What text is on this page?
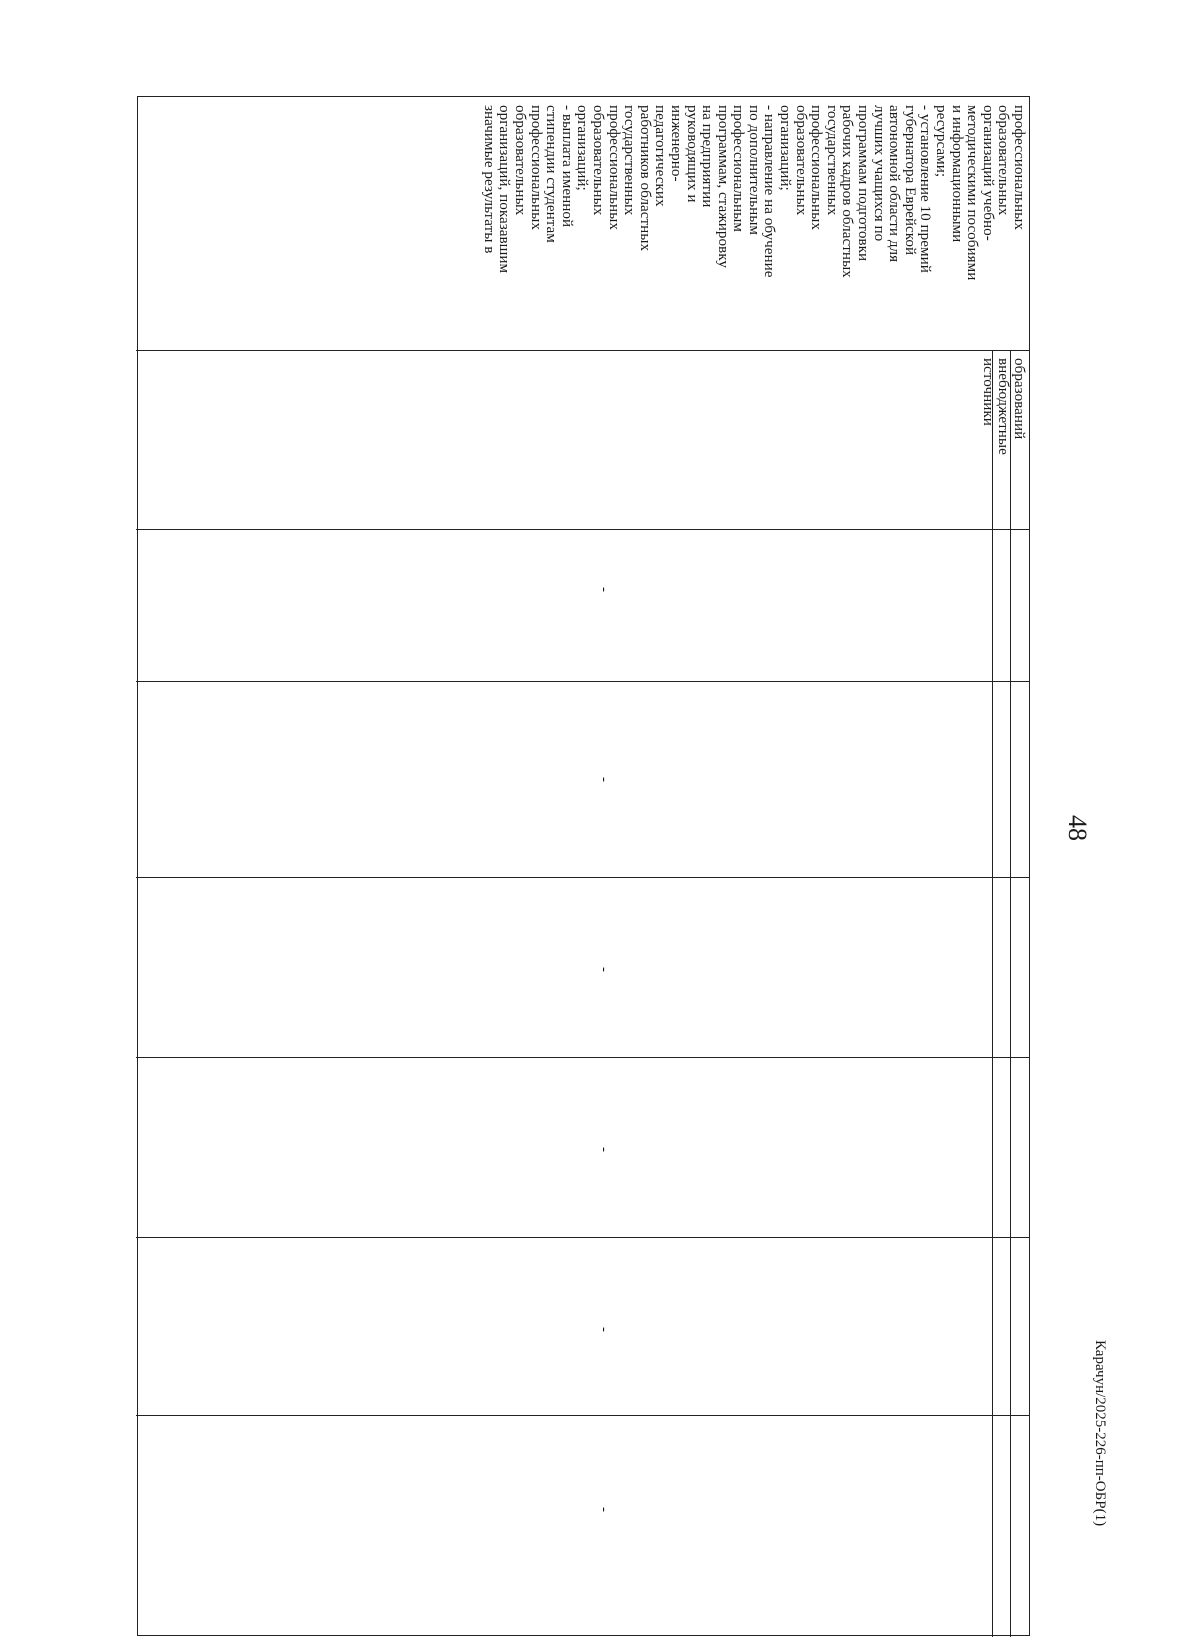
48
Карачун/2025-226-пп-ОБР(1)
профессиональных
образовательных
организаций учебно-
методическими пособиями
и информационными
ресурсами;
- установление 10 премий
губернатора Еврейской
автономной области для
лучших учащихся по
программам подготовки
рабочих кадров областных
государственных
профессиональных
образовательных
организаций;
- направление на обучение
по дополнительным
профессиональным
программам, стажировку
на предприятии
руководящих и
инженерно-
педагогических
работников областных
государственных
профессиональных
образовательных
организаций;
- выплата именной
стипендии студентам
профессиональных
образовательных
организаций, показавшим
значимые результаты в
образований
внебюджетные
источники
-
-
-
-
-
-
